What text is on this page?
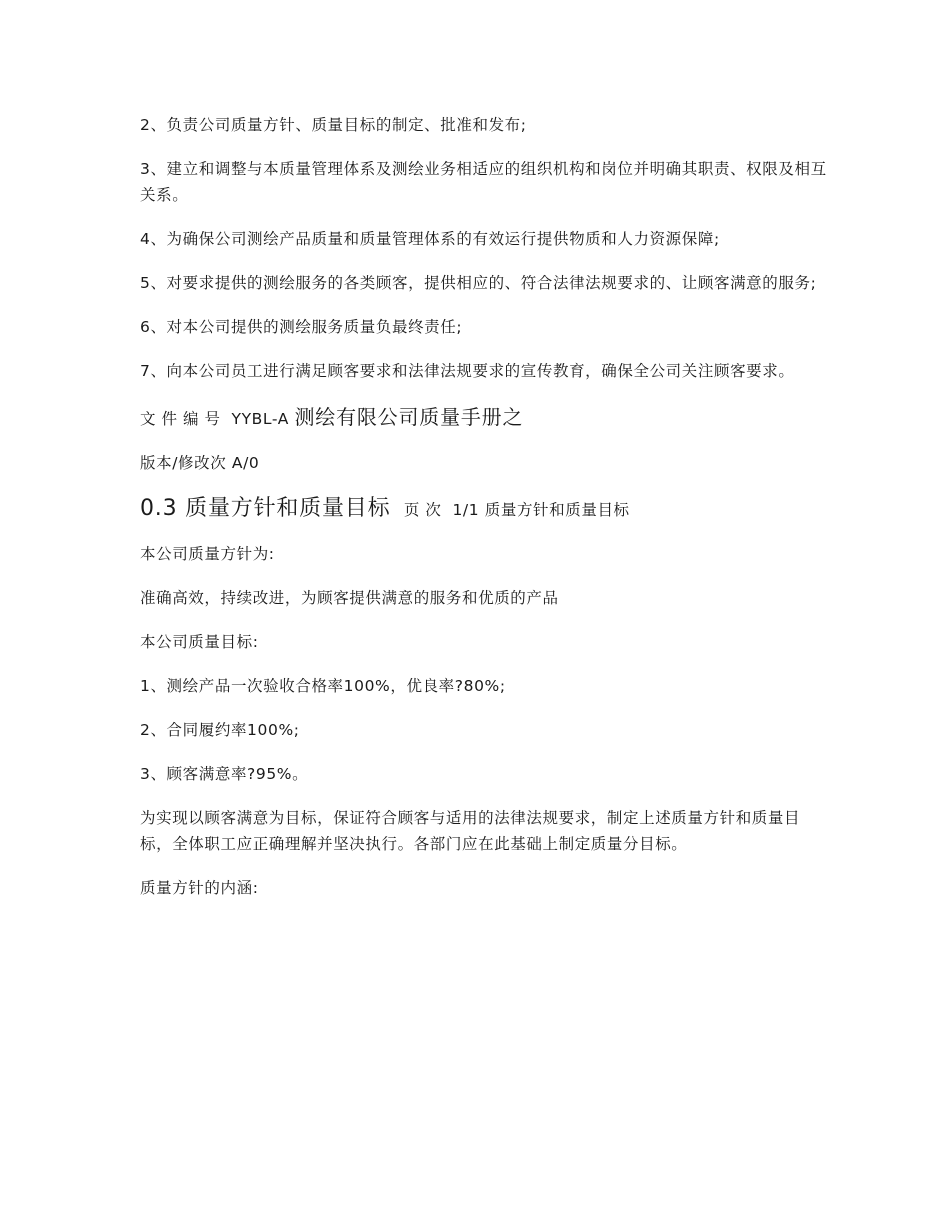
2、负责公司质量方针、质量目标的制定、批准和发布;

3、建立和调整与本质量管理体系及测绘业务相适应的组织机构和岗位并明确其职责、权限及相互关系。

4、为确保公司测绘产品质量和质量管理体系的有效运行提供物质和人力资源保障;

5、对要求提供的测绘服务的各类顾客，提供相应的、符合法律法规要求的、让顾客满意的服务;

6、对本公司提供的测绘服务质量负最终责任;

7、向本公司员工进行满足顾客要求和法律法规要求的宣传教育，确保全公司关注顾客要求。

文件编号 YYBL-A 测绘有限公司质量手册之
版本/修改次 A/0
0.3 质量方针和质量目标 页次 1/1 质量方针和质量目标

本公司质量方针为:

准确高效，持续改进，为顾客提供满意的服务和优质的产品

本公司质量目标:

1、测绘产品一次验收合格率100%，优良率?80%;

2、合同履约率100%;

3、顾客满意率?95%。

为实现以顾客满意为目标，保证符合顾客与适用的法律法规要求，制定上述质量方针和质量目标，全体职工应正确理解并坚决执行。各部门应在此基础上制定质量分目标。

质量方针的内涵:
